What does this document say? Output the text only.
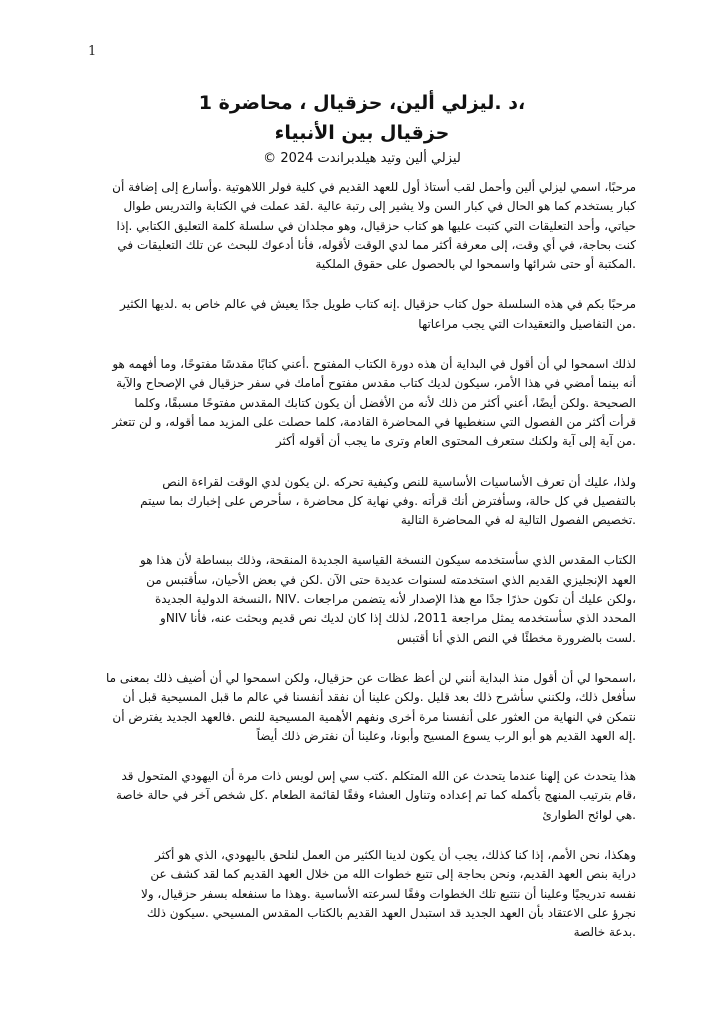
1
،د .ليزلي ألين، حزقيال ، محاضرة 1
حزقيال بين الأنبياء
ليزلي ألين وتيد هيلدبراندت 2024 ©
مرحبًا، اسمي ليزلي ألين وأحمل لقب أستاذ أول للعهد القديم في كلية فولر اللاهوتية .وأسارع إلى إضافة أن
كبار يستخدم كما هو الحال في كبار السن ولا يشير إلى رتبة عالية .لقد عملت في الكتابة والتدريس طوال
حياتي، وأحد التعليقات التي كتبت عليها هو كتاب حزقيال، وهو مجلدان في سلسلة كلمة التعليق الكتابي .إذا
كنت بحاجة، في أي وقت، إلى معرفة أكثر مما لدي الوقت لأقوله، فأنا أدعوك للبحث عن تلك التعليقات في
.المكتبة أو حتى شرائها واسمحوا لي بالحصول على حقوق الملكية
مرحبًا بكم في هذه السلسلة حول كتاب حزقيال .إنه كتاب طويل جدًا يعيش في عالم خاص به .لديها الكثير
.من التفاصيل والتعقيدات التي يجب مراعاتها
لذلك اسمحوا لي أن أقول في البداية أن هذه دورة الكتاب المفتوح .أعني كتابًا مقدسًا مفتوحًا، وما أفهمه هو
أنه بينما أمضي في هذا الأمر، سيكون لديك كتاب مقدس مفتوح أمامك في سفر حزقيال في الإصحاح والآية
الصحيحة .ولكن أيضًا، أعني أكثر من ذلك لأنه من الأفضل أن يكون كتابك المقدس مفتوحًا مسبقًا، وكلما
قرأت أكثر من الفصول التي سنغطيها في المحاضرة القادمة، كلما حصلت على المزيد مما أقوله، و لن تتعثر
.من آية إلى آية ولكنك ستعرف المحتوى العام وترى ما يجب أن أقوله أكثر
ولذا، عليك أن تعرف الأساسيات الأساسية للنص وكيفية تحركه .لن يكون لدي الوقت لقراءة النص
بالتفصيل في كل حالة، وسأفترض أنك قرأته .وفي نهاية كل محاضرة ، سأحرص على إخبارك بما سيتم
.تخصيص الفصول التالية له في المحاضرة التالية
الكتاب المقدس الذي سأستخدمه سيكون النسخة القياسية الجديدة المنقحة، وذلك ببساطة لأن هذا هو
العهد الإنجليزي القديم الذي استخدمته لسنوات عديدة حتى الآن .لكن في بعض الأحيان، سأقتبس من
،ولكن عليك أن تكون حذرًا جدًا مع هذا الإصدار لأنه يتضمن مراجعات .NIV ،النسخة الدولية الجديدة
المحدد الذي سأستخدمه يمثل مراجعة 2011، لذلك إذا كان لديك نص قديم وبحثت عنه، فأنا NIVو
.لست بالضرورة مخطئًا في النص الذي أنا أقتبس
،اسمحوا لي أن أقول منذ البداية أنني لن أعظ عظات عن حزقيال، ولكن اسمحوا لي أن أضيف ذلك بمعنى ما
سأفعل ذلك، ولكنني سأشرح ذلك بعد قليل .ولكن علينا أن نفقد أنفسنا في عالم ما قبل المسيحية قبل أن
نتمكن في النهاية من العثور على أنفسنا مرة أخرى ونفهم الأهمية المسيحية للنص .فالعهد الجديد يفترض أن
.إله العهد القديم هو أبو الرب يسوع المسيح وأبونا، وعلينا أن نفترض ذلك أيضاً
هذا يتحدث عن إلهنا عندما يتحدث عن الله المتكلم .كتب سي إس لويس ذات مرة أن اليهودي المتحول قد
،قام بترتيب المنهج بأكمله كما تم إعداده وتناول العشاء وفقًا لقائمة الطعام .كل شخص آخر في حالة خاصة
.هي لوائح الطوارئ
وهكذا، نحن الأمم، إذا كنا كذلك، يجب أن يكون لدينا الكثير من العمل لنلحق باليهودي، الذي هو أكثر
دراية بنص العهد القديم، ونحن بحاجة إلى تتبع خطوات الله من خلال العهد القديم كما لقد كشف عن
نفسه تدريجيًا وعلينا أن نتتبع تلك الخطوات وفقًا لسرعته الأساسية .وهذا ما سنفعله بسفر حزقيال، ولا
نجرؤ على الاعتقاد بأن العهد الجديد قد استبدل العهد القديم بالكتاب المقدس المسيحي .سيكون ذلك
.بدعة خالصة
